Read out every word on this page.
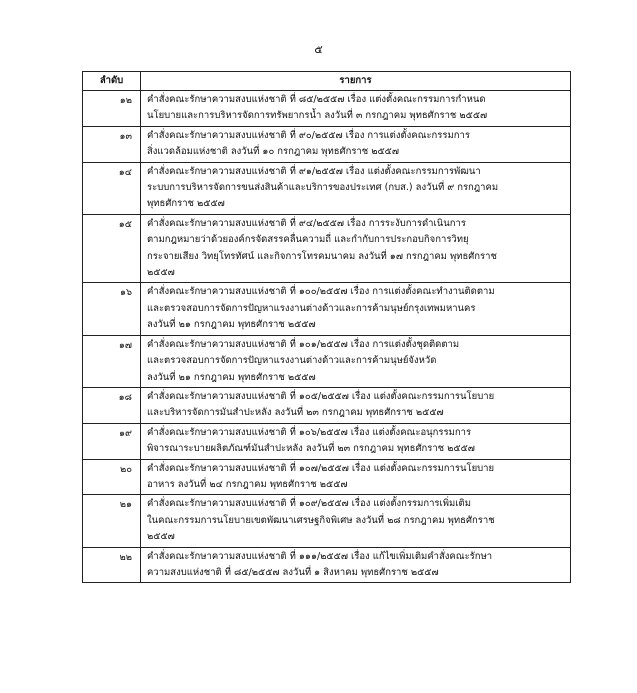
๕
ลำดับ	รายการ
๑๒	คำสั่งคณะรักษาความสงบแห่งชาติ ที่ ๘๕/๒๕๕๗ เรื่อง แต่งตั้งคณะกรรมการกำหนด
นโยบายและการบริหารจัดการทรัพยากรน้ำ ลงวันที่ ๓ กรกฎาคม พุทธศักราช ๒๕๕๗

๑๓	คำสั่งคณะรักษาความสงบแห่งชาติ ที่ ๙๐/๒๕๕๗ เรื่อง การแต่งตั้งคณะกรรมการ
สิ่งแวดล้อมแห่งชาติ ลงวันที่ ๑๐ กรกฎาคม พุทธศักราช ๒๕๕๗

๑๔	คำสั่งคณะรักษาความสงบแห่งชาติ ที่ ๙๑/๒๕๕๗ เรื่อง แต่งตั้งคณะกรรมการพัฒนา
ระบบการบริหารจัดการขนส่งสินค้าและบริการของประเทศ (กบส.) ลงวันที่ ๙ กรกฎาคม
พุทธศักราช ๒๕๕๗

๑๕	คำสั่งคณะรักษาความสงบแห่งชาติ ที่ ๙๔/๒๕๕๗ เรื่อง การระงับการดำเนินการ
ตามกฎหมายว่าด้วยองค์กรจัดสรรคลื่นความถี่ และกำกับการประกอบกิจการวิทยุ
กระจายเสียง วิทยุโทรทัศน์ และกิจการโทรคมนาคม ลงวันที่ ๑๗ กรกฎาคม พุทธศักราช
๒๕๕๗

๑๖	คำสั่งคณะรักษาความสงบแห่งชาติ ที่ ๑๐๐/๒๕๕๗ เรื่อง การแต่งตั้งคณะทำงานติดตาม
และตรวจสอบการจัดการปัญหาแรงงานต่างด้าวและการค้ามนุษย์กรุงเทพมหานคร
ลงวันที่ ๒๑ กรกฎาคม พุทธศักราช ๒๕๕๗

๑๗	คำสั่งคณะรักษาความสงบแห่งชาติ ที่ ๑๐๑/๒๕๕๗ เรื่อง การแต่งตั้งชุดติดตาม
และตรวจสอบการจัดการปัญหาแรงงานต่างด้าวและการค้ามนุษย์จังหวัด
ลงวันที่ ๒๑ กรกฎาคม พุทธศักราช ๒๕๕๗

๑๘	คำสั่งคณะรักษาความสงบแห่งชาติ ที่ ๑๐๕/๒๕๕๗ เรื่อง แต่งตั้งคณะกรรมการนโยบาย
และบริหารจัดการมันสำปะหลัง ลงวันที่ ๒๓ กรกฎาคม พุทธศักราช ๒๕๕๗

๑๙	คำสั่งคณะรักษาความสงบแห่งชาติ ที่ ๑๐๖/๒๕๕๗ เรื่อง แต่งตั้งคณะอนุกรรมการ
พิจารณาระบายผลิตภัณฑ์มันสำปะหลัง ลงวันที่ ๒๓ กรกฎาคม พุทธศักราช ๒๕๕๗

๒๐	คำสั่งคณะรักษาความสงบแห่งชาติ ที่ ๑๐๗/๒๕๕๗ เรื่อง แต่งตั้งคณะกรรมการนโยบาย
อาหาร ลงวันที่ ๒๔ กรกฎาคม พุทธศักราช ๒๕๕๗

๒๑	คำสั่งคณะรักษาความสงบแห่งชาติ ที่ ๑๐๙/๒๕๕๗ เรื่อง แต่งตั้งกรรมการเพิ่มเติม
ในคณะกรรมการนโยบายเขตพัฒนาเศรษฐกิจพิเศษ ลงวันที่ ๒๘ กรกฎาคม พุทธศักราช
๒๕๕๗

๒๒	คำสั่งคณะรักษาความสงบแห่งชาติ ที่ ๑๑๑/๒๕๕๗ เรื่อง แก้ไขเพิ่มเติมคำสั่งคณะรักษา
ความสงบแห่งชาติ ที่ ๘๕/๒๕๕๗ ลงวันที่ ๑ สิงหาคม พุทธศักราช ๒๕๕๗
